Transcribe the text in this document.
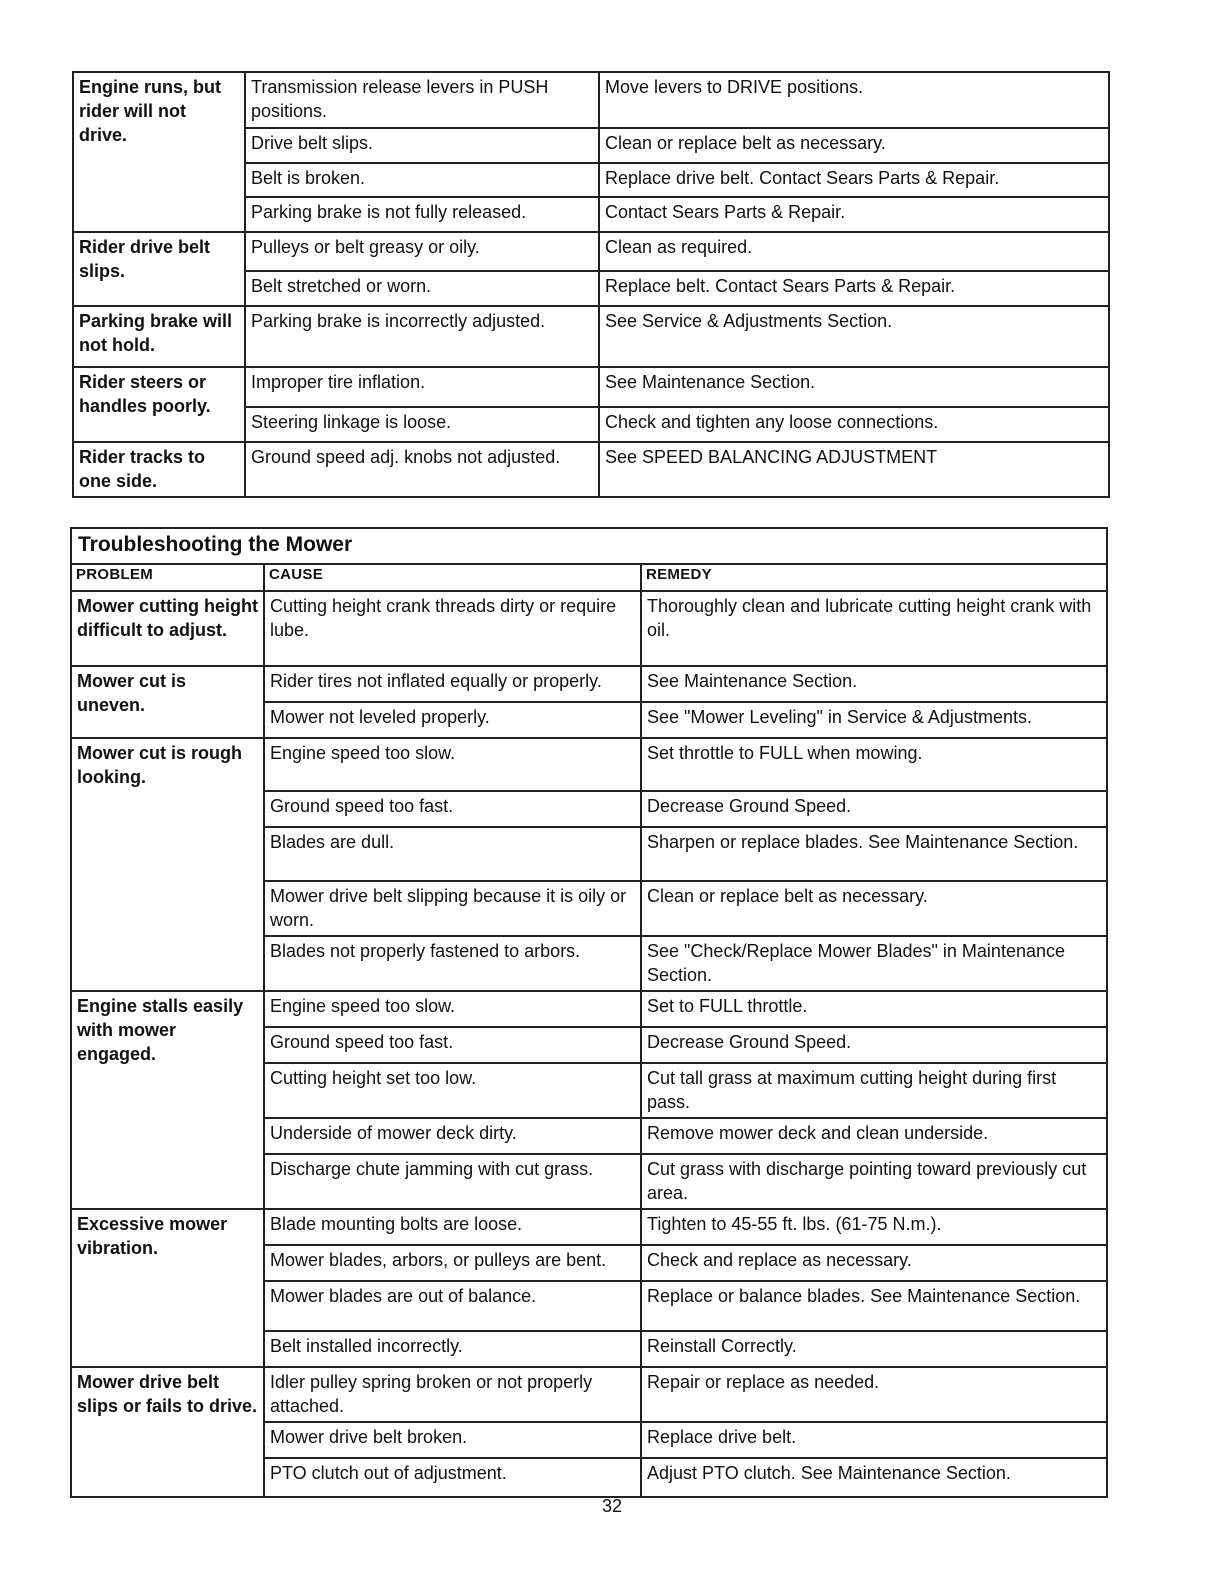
Engine runs, but rider will not drive.	Transmission release levers in PUSH positions.	Move levers to DRIVE positions.
	Drive belt slips.	Clean or replace belt as necessary.
	Belt is broken.	Replace drive belt. Contact Sears Parts & Repair.
	Parking brake is not fully released.	Contact Sears Parts & Repair.
Rider drive belt slips.	Pulleys or belt greasy or oily.	Clean as required.
	Belt stretched or worn.	Replace belt. Contact Sears Parts & Repair.
Parking brake will not hold.	Parking brake is incorrectly adjusted.	See Service & Adjustments Section.
Rider steers or handles poorly.	Improper tire inflation.	See Maintenance Section.
	Steering linkage is loose.	Check and tighten any loose connections.
Rider tracks to one side.	Ground speed adj. knobs not adjusted.	See SPEED BALANCING ADJUSTMENT
Troubleshooting the Mower		
PROBLEM	CAUSE	REMEDY
Mower cutting height difficult to adjust.	Cutting height crank threads dirty or require lube.	Thoroughly clean and lubricate cutting height crank with oil.
Mower cut is uneven.	Rider tires not inflated equally or properly.	See Maintenance Section.
	Mower not leveled properly.	See "Mower Leveling" in Service & Adjustments.
Mower cut is rough looking.	Engine speed too slow.	Set throttle to FULL when mowing.
	Ground speed too fast.	Decrease Ground Speed.
	Blades are dull.	Sharpen or replace blades. See Maintenance Section.
	Mower drive belt slipping because it is oily or worn.	Clean or replace belt as necessary.
	Blades not properly fastened to arbors.	See "Check/Replace Mower Blades" in Maintenance Section.
Engine stalls easily with mower engaged.	Engine speed too slow.	Set to FULL throttle.
	Ground speed too fast.	Decrease Ground Speed.
	Cutting height set too low.	Cut tall grass at maximum cutting height during first pass.
	Underside of mower deck dirty.	Remove mower deck and clean underside.
	Discharge chute jamming with cut grass.	Cut grass with discharge pointing toward previously cut area.
Excessive mower vibration.	Blade mounting bolts are loose.	Tighten to 45-55 ft. lbs. (61-75 N.m.).
	Mower blades, arbors, or pulleys are bent.	Check and replace as necessary.
	Mower blades are out of balance.	Replace or balance blades. See Maintenance Section.
	Belt installed incorrectly.	Reinstall Correctly.
Mower drive belt slips or fails to drive.	Idler pulley spring broken or not properly attached.	Repair or replace as needed.
	Mower drive belt broken.	Replace drive belt.
	PTO clutch out of adjustment.	Adjust PTO clutch. See Maintenance Section.
32
